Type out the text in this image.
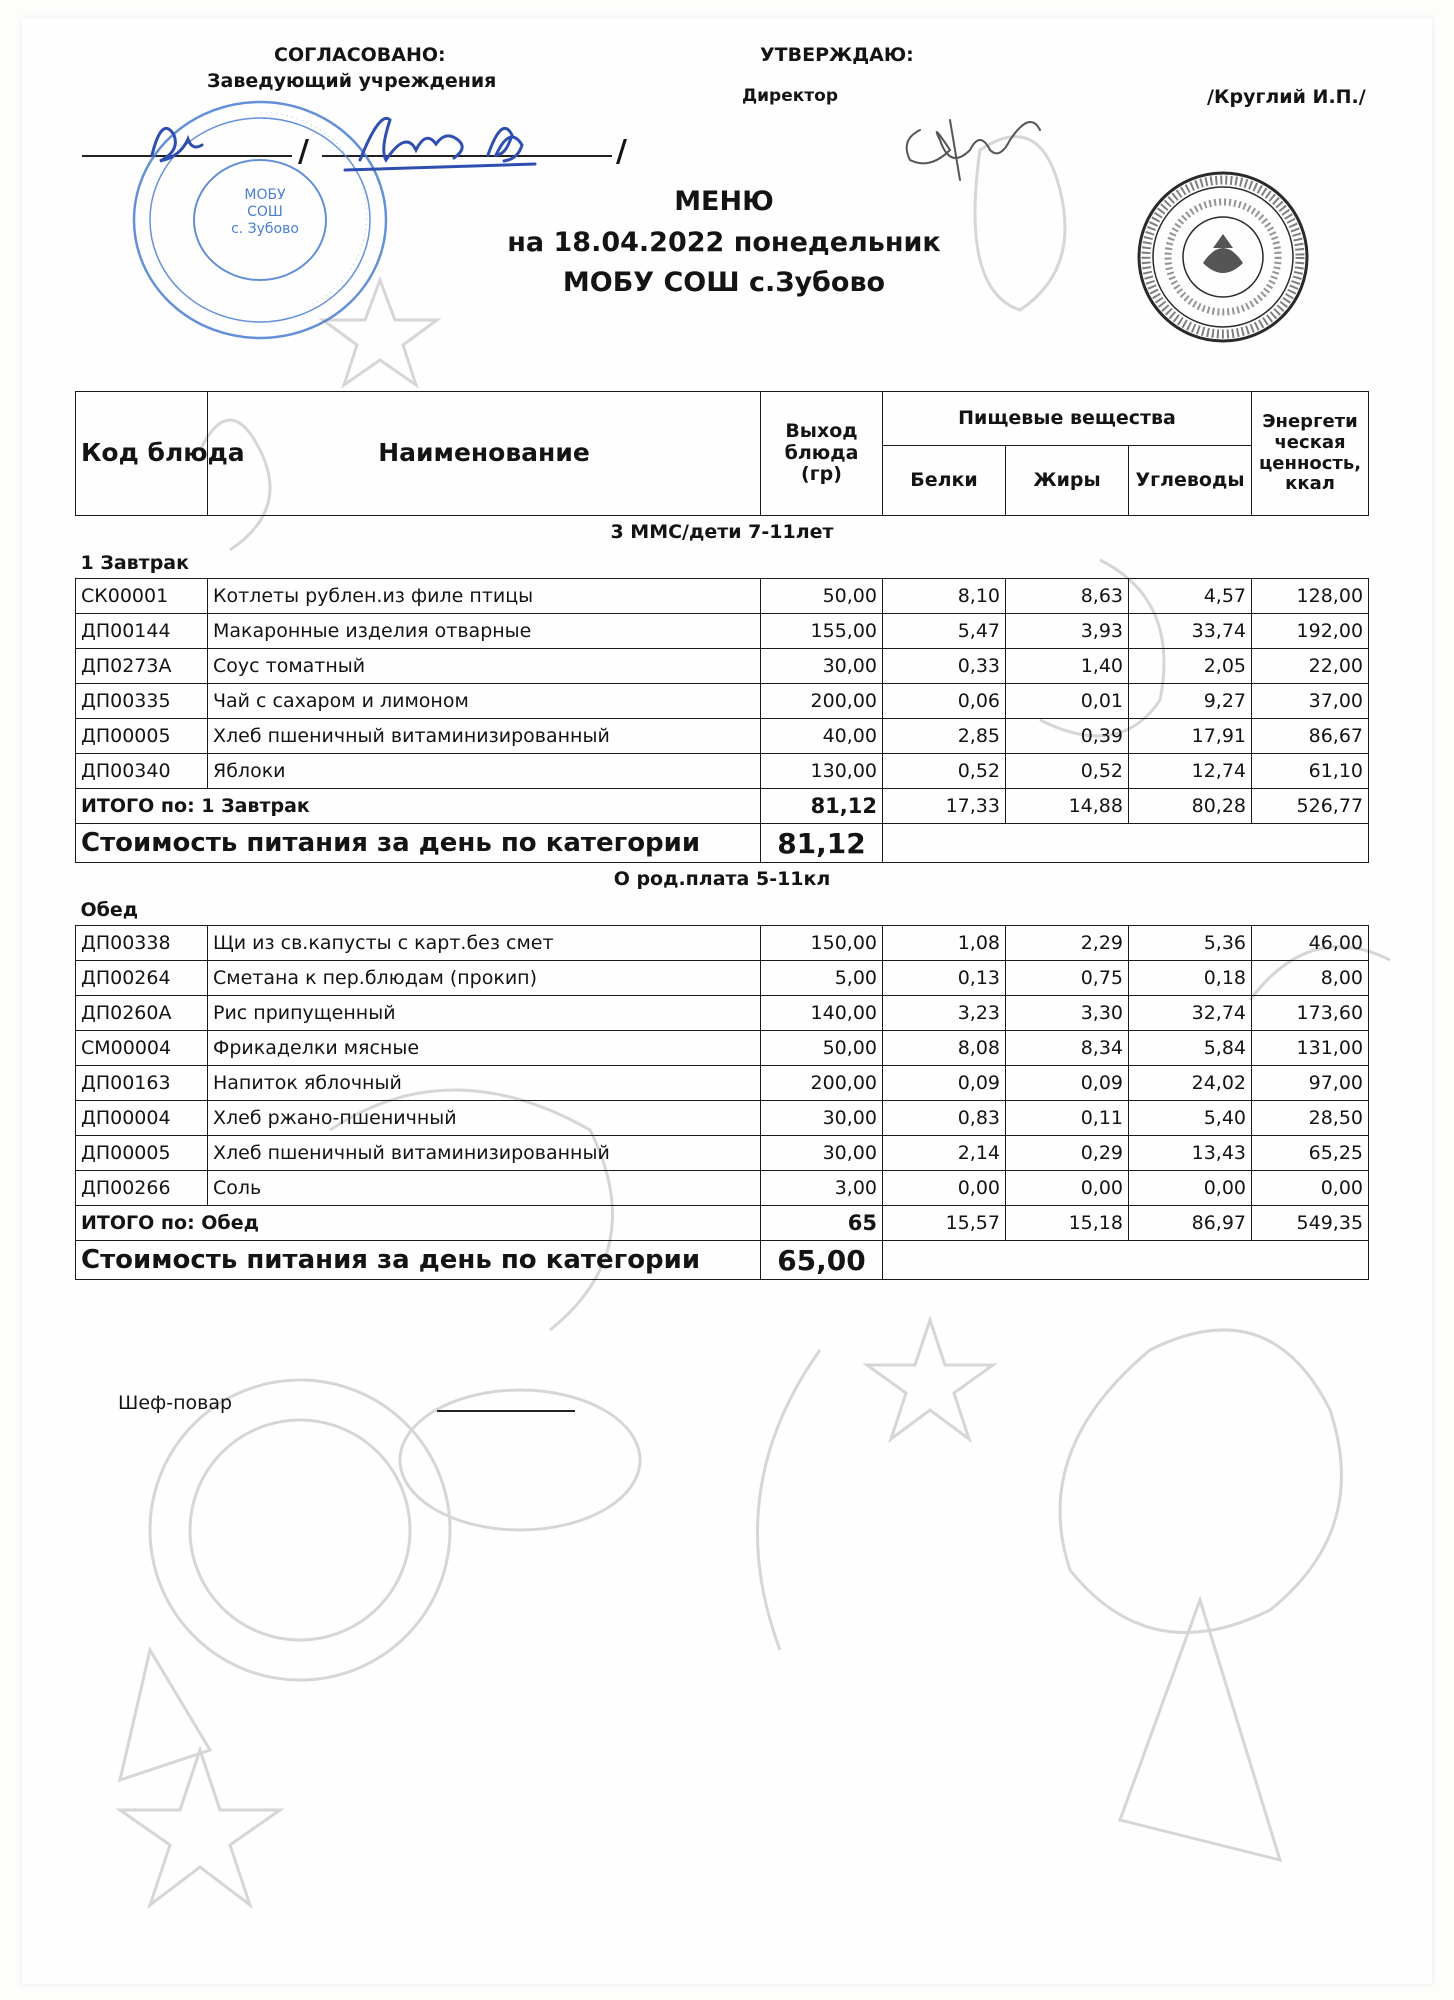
СОГЛАСОВАНО:
Заведующий учреждения
УТВЕРЖДАЮ:
Директор	/Круглий И.П./
/	/
· · · · · · · · · · · · · · · · · · · · · · · · · · · · · · · · · · · · · · · · · · · · · · · · · · · · · ·
МОБУ
СОШ
с. Зубово
МЕНЮ
на 18.04.2022 понедельник
МОБУ СОШ с.Зубово
Код блюда	Наименование	Выход блюда (гр)	Пищевые вещества			Энергети ческая ценность, ккал
			Белки	Жиры	Углеводы	
3 ММС/дети 7-11лет						
1 Завтрак						
СК00001	Котлеты рублен.из филе птицы	50,00	8,10	8,63	4,57	128,00
ДП00144	Макаронные изделия отварные	155,00	5,47	3,93	33,74	192,00
ДП0273А	Соус томатный	30,00	0,33	1,40	2,05	22,00
ДП00335	Чай с сахаром и лимоном	200,00	0,06	0,01	9,27	37,00
ДП00005	Хлеб пшеничный витаминизированный	40,00	2,85	0,39	17,91	86,67
ДП00340	Яблоки	130,00	0,52	0,52	12,74	61,10
ИТОГО по: 1 Завтрак		81,12	17,33	14,88	80,28	526,77
Стоимость питания за день по категории		81,12				
О род.плата 5-11кл						
Обед						
ДП00338	Щи из св.капусты с карт.без смет	150,00	1,08	2,29	5,36	46,00
ДП00264	Сметана к пер.блюдам (прокип)	5,00	0,13	0,75	0,18	8,00
ДП0260А	Рис припущенный	140,00	3,23	3,30	32,74	173,60
СМ00004	Фрикаделки мясные	50,00	8,08	8,34	5,84	131,00
ДП00163	Напиток яблочный	200,00	0,09	0,09	24,02	97,00
ДП00004	Хлеб ржано-пшеничный	30,00	0,83	0,11	5,40	28,50
ДП00005	Хлеб пшеничный витаминизированный	30,00	2,14	0,29	13,43	65,25
ДП00266	Соль	3,00	0,00	0,00	0,00	0,00
ИТОГО по: Обед		65	15,57	15,18	86,97	549,35
Стоимость питания за день по категории		65,00				
Шеф-повар
